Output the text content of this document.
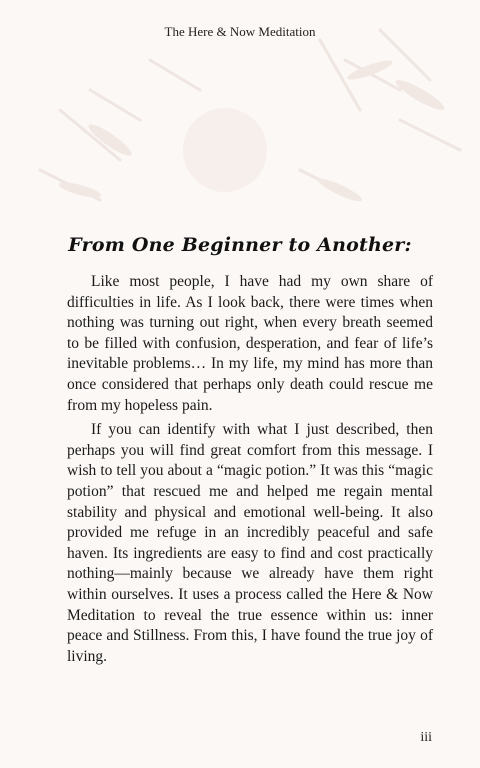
The Here & Now Meditation
From One Beginner to Another:

Like most people, I have had my own share of difficulties in life. As I look back, there were times when nothing was turning out right, when every breath seemed to be filled with confusion, desperation, and fear of life’s inevitable problems… In my life, my mind has more than once considered that perhaps only death could rescue me from my hopeless pain.

If you can identify with what I just described, then perhaps you will find great comfort from this message. I wish to tell you about a “magic potion.” It was this “magic potion” that rescued me and helped me regain mental stability and physical and emotional well-being. It also provided me refuge in an incredibly peaceful and safe haven. Its ingredients are easy to find and cost practically nothing—mainly because we already have them right within ourselves. It uses a process called the Here & Now Meditation to reveal the true essence within us: inner peace and Stillness. From this, I have found the true joy of living.

iii
